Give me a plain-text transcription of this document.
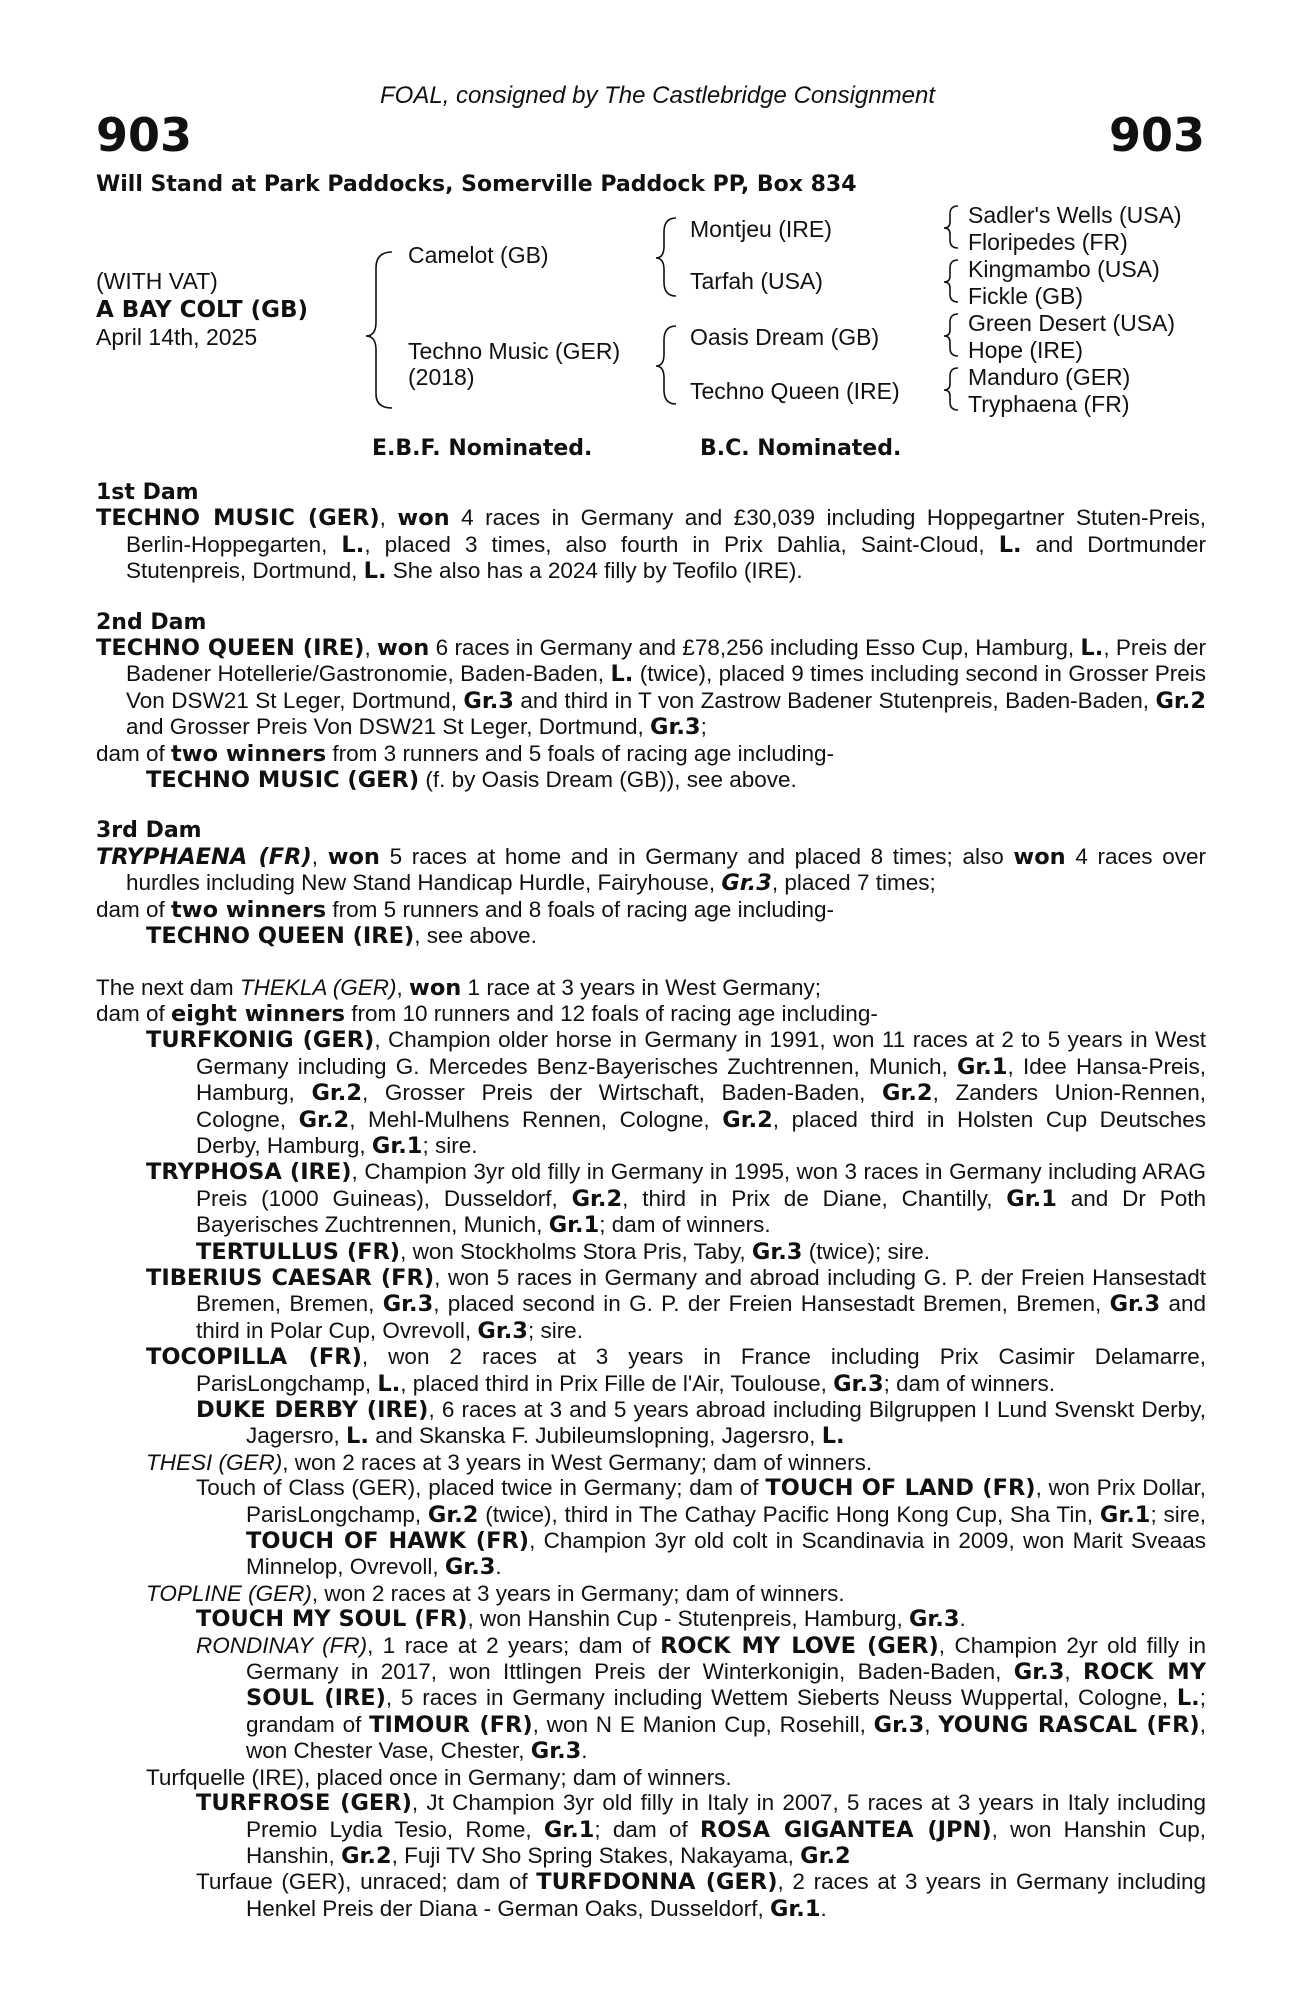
FOAL, consigned by The Castlebridge Consignment
903	903
Will Stand at Park Paddocks, Somerville Paddock PP, Box 834
(WITH VAT)
A BAY COLT (GB)
April 14th, 2025
Camelot (GB)
Techno Music (GER)
(2018)
Montjeu (IRE)
Tarfah (USA)
Oasis Dream (GB)
Techno Queen (IRE)
Sadler's Wells (USA)
Floripedes (FR)
Kingmambo (USA)
Fickle (GB)
Green Desert (USA)
Hope (IRE)
Manduro (GER)
Tryphaena (FR)
E.B.F. Nominated.	B.C. Nominated.
1st Dam

TECHNO MUSIC (GER), won 4 races in Germany and £30,039 including Hoppegartner Stuten-Preis, Berlin-Hoppegarten, L., placed 3 times, also fourth in Prix Dahlia, Saint-Cloud, L. and Dortmunder Stutenpreis, Dortmund, L. She also has a 2024 filly by Teofilo (IRE).

2nd Dam

TECHNO QUEEN (IRE), won 6 races in Germany and £78,256 including Esso Cup, Hamburg, L., Preis der Badener Hotellerie/Gastronomie, Baden-Baden, L. (twice), placed 9 times including second in Grosser Preis Von DSW21 St Leger, Dortmund, Gr.3 and third in T von Zastrow Badener Stutenpreis, Baden-Baden, Gr.2 and Grosser Preis Von DSW21 St Leger, Dortmund, Gr.3;

dam of two winners from 3 runners and 5 foals of racing age including-

TECHNO MUSIC (GER) (f. by Oasis Dream (GB)), see above.

3rd Dam

TRYPHAENA (FR), won 5 races at home and in Germany and placed 8 times; also won 4 races over hurdles including New Stand Handicap Hurdle, Fairyhouse, Gr.3, placed 7 times;

dam of two winners from 5 runners and 8 foals of racing age including-

TECHNO QUEEN (IRE), see above.

The next dam THEKLA (GER), won 1 race at 3 years in West Germany;

dam of eight winners from 10 runners and 12 foals of racing age including-

TURFKONIG (GER), Champion older horse in Germany in 1991, won 11 races at 2 to 5 years in West Germany including G. Mercedes Benz-Bayerisches Zuchtrennen, Munich, Gr.1, Idee Hansa-Preis, Hamburg, Gr.2, Grosser Preis der Wirtschaft, Baden-Baden, Gr.2, Zanders Union-Rennen, Cologne, Gr.2, Mehl-Mulhens Rennen, Cologne, Gr.2, placed third in Holsten Cup Deutsches Derby, Hamburg, Gr.1; sire.

TRYPHOSA (IRE), Champion 3yr old filly in Germany in 1995, won 3 races in Germany including ARAG Preis (1000 Guineas), Dusseldorf, Gr.2, third in Prix de Diane, Chantilly, Gr.1 and Dr Poth Bayerisches Zuchtrennen, Munich, Gr.1; dam of winners.

TERTULLUS (FR), won Stockholms Stora Pris, Taby, Gr.3 (twice); sire.

TIBERIUS CAESAR (FR), won 5 races in Germany and abroad including G. P. der Freien Hansestadt Bremen, Bremen, Gr.3, placed second in G. P. der Freien Hansestadt Bremen, Bremen, Gr.3 and third in Polar Cup, Ovrevoll, Gr.3; sire.

TOCOPILLA (FR), won 2 races at 3 years in France including Prix Casimir Delamarre, ParisLongchamp, L., placed third in Prix Fille de l'Air, Toulouse, Gr.3; dam of winners.

DUKE DERBY (IRE), 6 races at 3 and 5 years abroad including Bilgruppen I Lund Svenskt Derby, Jagersro, L. and Skanska F. Jubileumslopning, Jagersro, L.

THESI (GER), won 2 races at 3 years in West Germany; dam of winners.

Touch of Class (GER), placed twice in Germany; dam of TOUCH OF LAND (FR), won Prix Dollar, ParisLongchamp, Gr.2 (twice), third in The Cathay Pacific Hong Kong Cup, Sha Tin, Gr.1; sire, TOUCH OF HAWK (FR), Champion 3yr old colt in Scandinavia in 2009, won Marit Sveaas Minnelop, Ovrevoll, Gr.3.

TOPLINE (GER), won 2 races at 3 years in Germany; dam of winners.

TOUCH MY SOUL (FR), won Hanshin Cup - Stutenpreis, Hamburg, Gr.3.

RONDINAY (FR), 1 race at 2 years; dam of ROCK MY LOVE (GER), Champion 2yr old filly in Germany in 2017, won Ittlingen Preis der Winterkonigin, Baden-Baden, Gr.3, ROCK MY SOUL (IRE), 5 races in Germany including Wettem Sieberts Neuss Wuppertal, Cologne, L.; grandam of TIMOUR (FR), won N E Manion Cup, Rosehill, Gr.3, YOUNG RASCAL (FR), won Chester Vase, Chester, Gr.3.

Turfquelle (IRE), placed once in Germany; dam of winners.

TURFROSE (GER), Jt Champion 3yr old filly in Italy in 2007, 5 races at 3 years in Italy including Premio Lydia Tesio, Rome, Gr.1; dam of ROSA GIGANTEA (JPN), won Hanshin Cup, Hanshin, Gr.2, Fuji TV Sho Spring Stakes, Nakayama, Gr.2

Turfaue (GER), unraced; dam of TURFDONNA (GER), 2 races at 3 years in Germany including Henkel Preis der Diana - German Oaks, Dusseldorf, Gr.1.
